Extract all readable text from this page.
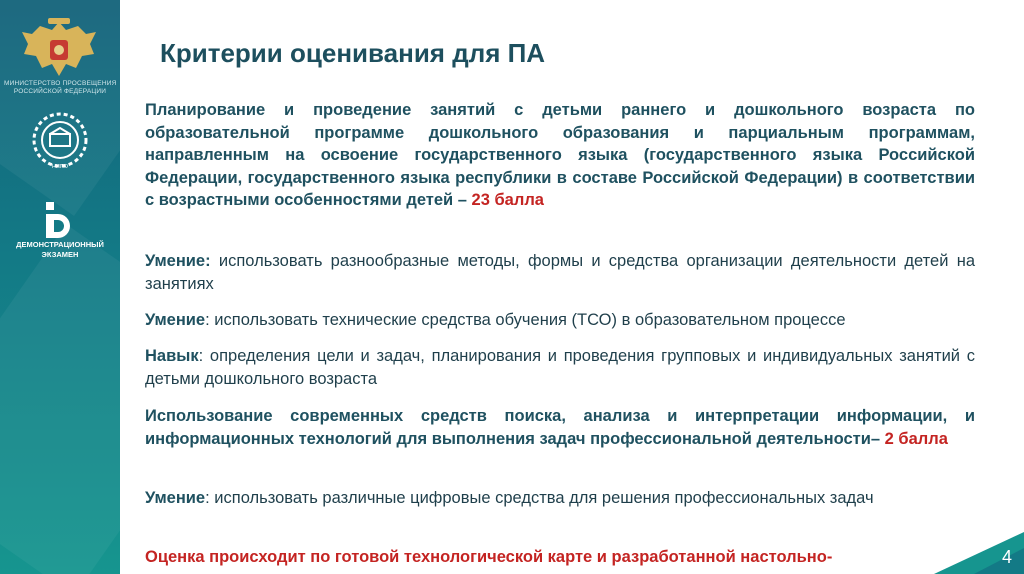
МИНИСТЕРСТВО ПРОСВЕЩЕНИЯ
РОССИЙСКОЙ ФЕДЕРАЦИИ
НИПО
ДЕМОНСТРАЦИОННЫЙ
ЭКЗАМЕН
Критерии оценивания для ПА
Планирование и проведение занятий с детьми раннего и дошкольного возраста по образовательной программе дошкольного образования и парциальным программам, направленным на освоение государственного языка (государственного языка Российской Федерации, государственного языка республики в составе Российской Федерации) в соответствии с возрастными особенностями детей – 23 балла
Умение: использовать разнообразные методы, формы и средства организации деятельности детей на занятиях
Умение: использовать технические средства обучения (ТСО) в образовательном процессе
Навык: определения цели и задач, планирования и проведения групповых и индивидуальных занятий с детьми дошкольного возраста
Использование современных средств поиска, анализа и интерпретации информации, и информационных технологий для выполнения задач профессиональной деятельности– 2 балла
Умение: использовать различные цифровые средства для решения профессиональных задач
Оценка происходит по готовой технологической карте и разработанной настольно-	4
